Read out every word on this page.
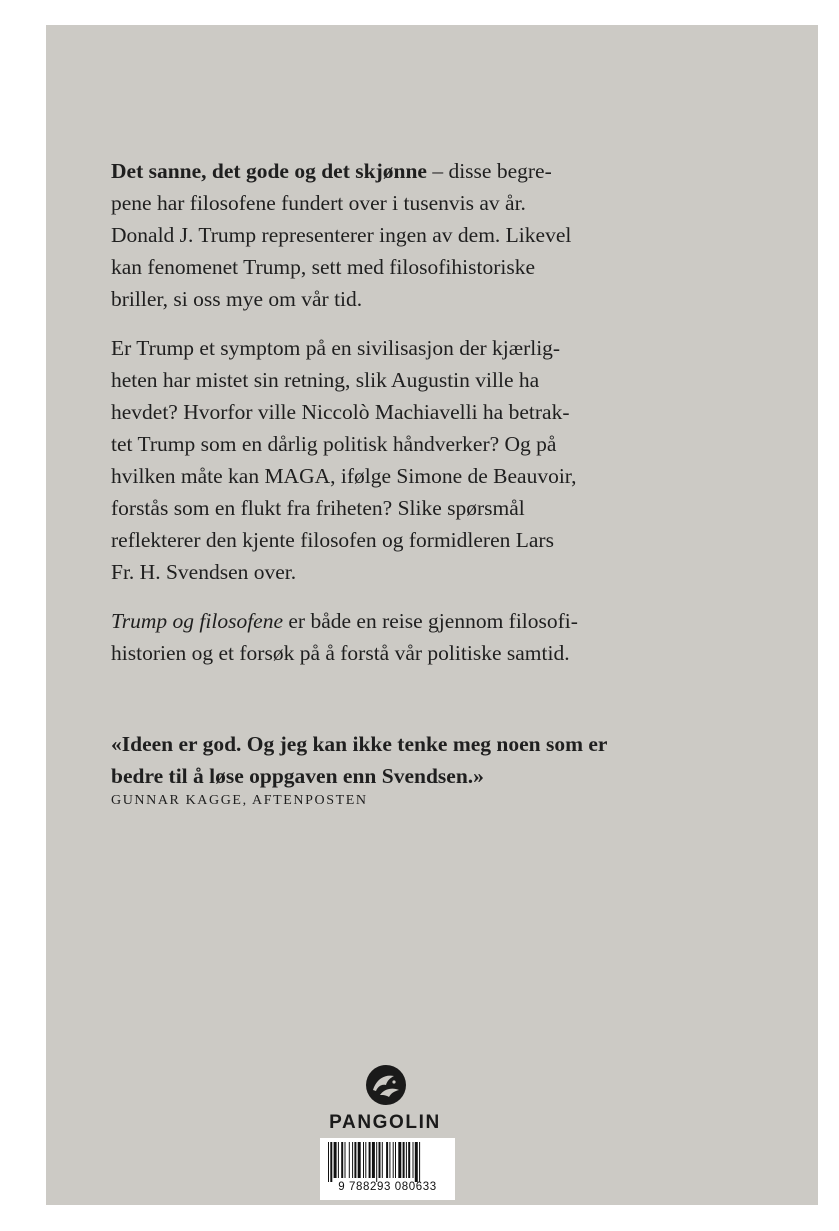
Det sanne, det gode og det skjønne – disse begre-
pene har filosofene fundert over i tusenvis av år.
Donald J. Trump representerer ingen av dem. Likevel
kan fenomenet Trump, sett med filosofihistoriske
briller, si oss mye om vår tid.

Er Trump et symptom på en sivilisasjon der kjærlig-
heten har mistet sin retning, slik Augustin ville ha
hevdet? Hvorfor ville Niccolò Machiavelli ha betrak-
tet Trump som en dårlig politisk håndverker? Og på
hvilken måte kan MAGA, ifølge Simone de Beauvoir,
forstås som en flukt fra friheten? Slike spørsmål
reflekterer den kjente filosofen og formidleren Lars
Fr. H. Svendsen over.

Trump og filosofene er både en reise gjennom filosofi-
historien og et forsøk på å forstå vår politiske samtid.

«Ideen er god. Og jeg kan ikke tenke meg noen som er
bedre til å løse oppgaven enn Svendsen.»
GUNNAR KAGGE, AFTENPOSTEN
PANGOLIN
9 788293 080633
